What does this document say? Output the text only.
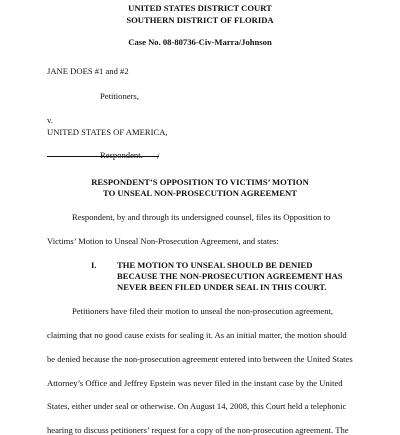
UNITED STATES DISTRICT COURT
SOUTHERN DISTRICT OF FLORIDA
Case No. 08-80736-Civ-Marra/Johnson
JANE DOES #1 and #2
Petitioners,
v.
UNITED STATES OF AMERICA,
Respondent. /
RESPONDENT’S OPPOSITION TO VICTIMS’ MOTION
TO UNSEAL NON-PROSECUTION AGREEMENT
Respondent, by and through its undersigned counsel, files its Opposition to
Victims’ Motion to Unseal Non-Prosecution Agreement, and states:
I. THE MOTION TO UNSEAL SHOULD BE DENIED
BECAUSE THE NON-PROSECUTION AGREEMENT HAS
NEVER BEEN FILED UNDER SEAL IN THIS COURT.
Petitioners have filed their motion to unseal the non-prosecution agreement,
claiming that no good cause exists for sealing it. As an initial matter, the motion should
be denied because the non-prosecution agreement entered into between the United States
Attorney’s Office and Jeffrey Epstein was never filed in the instant case by the United
States, either under seal or otherwise. On August 14, 2008, this Court held a telephonic
hearing to discuss petitioners’ request for a copy of the non-prosecution agreement. The
